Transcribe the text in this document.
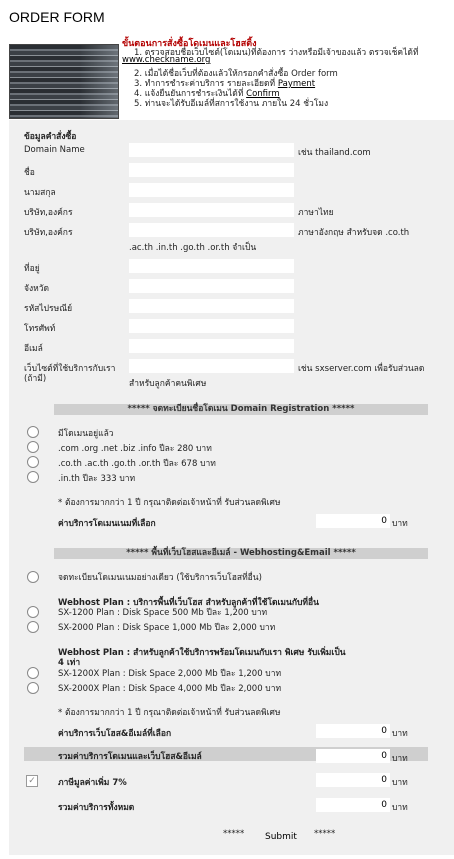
ORDER FORM
ขั้นตอนการสั่งซื้อโดเมนและโฮสติ้ง
1. ตรวจสอบชื่อเว็บไซต์(โดเมน)ที่ต้องการ ว่างหรือมีเจ้าของแล้ว ตรวจเช็คได้ที่
www.checkname.org
2. เมื่อได้ชื่อเว็บที่ต้องแล้วให้กรอกคำสั่งซื้อ Order form
3. ทำการชำระค่าบริการ รายละเอียดที่ Payment
4. แจ้งยืนยันการชำระเงินได้ที่ Confirm
5. ท่านจะได้รับอีเมล์ที่สการใช้งาน ภายใน 24 ชั่วโมง
ข้อมูลคำสั่งซื้อ
Domain Name	เช่น thailand.com
ชื่อ
นามสกุล
บริษัท,องค์กร	ภาษาไทย
บริษัท,องค์กร	ภาษาอังกฤษ สำหรับจด .co.th
.ac.th .in.th .go.th .or.th จำเป็น
ที่อยู่
จังหวัด
รหัสไปรษณีย์
โทรศัพท์
อีเมล์
เว็บไซต์ที่ใช้บริการกับเรา
(ถ้ามี)
เช่น sxserver.com เพื่อรับส่วนลด
สำหรับลูกค้าคนพิเศษ
***** จดทะเบียนชื่อโดเมน Domain Registration *****
มีโดเมนอยู่แล้ว
.com .org .net .biz .info ปีละ 280 บาท
.co.th .ac.th .go.th .or.th ปีละ 678 บาท
.in.th ปีละ 333 บาท
* ต้องการมากกว่า 1 ปี กรุณาติดต่อเจ้าหน้าที่ รับส่วนลดพิเศษ
ค่าบริการโดเมนเนมที่เลือก	0 บาท
***** พื้นที่เว็บโฮสและอีเมล์ - Webhosting&Email *****
จดทะเบียนโดเมนเนมอย่างเดียว (ใช้บริการเว็บโฮสที่อื่น)
Webhost Plan : บริการพื้นที่เว็บโฮส สำหรับลูกค้าที่ใช้โดเมนกับที่อื่น
SX-1200 Plan : Disk Space 500 Mb ปีละ 1,200 บาท
SX-2000 Plan : Disk Space 1,000 Mb ปีละ 2,000 บาท
Webhost Plan : สำหรับลูกค้าใช้บริการพร้อมโดเมนกับเรา พิเศษ รับเพิ่มเป็น
4 เท่า
SX-1200X Plan : Disk Space 2,000 Mb ปีละ 1,200 บาท
SX-2000X Plan : Disk Space 4,000 Mb ปีละ 2,000 บาท
* ต้องการมากกว่า 1 ปี กรุณาติดต่อเจ้าหน้าที่ รับส่วนลดพิเศษ
ค่าบริการเว็บโฮส&อีเมล์ที่เลือก	0 บาท
รวมค่าบริการโดเมนและเว็บโฮส&อีเมล์	0 บาท
✓	ภาษีมูลค่าเพิ่ม 7%	0 บาท
รวมค่าบริการทั้งหมด	0 บาท
***** Submit *****
